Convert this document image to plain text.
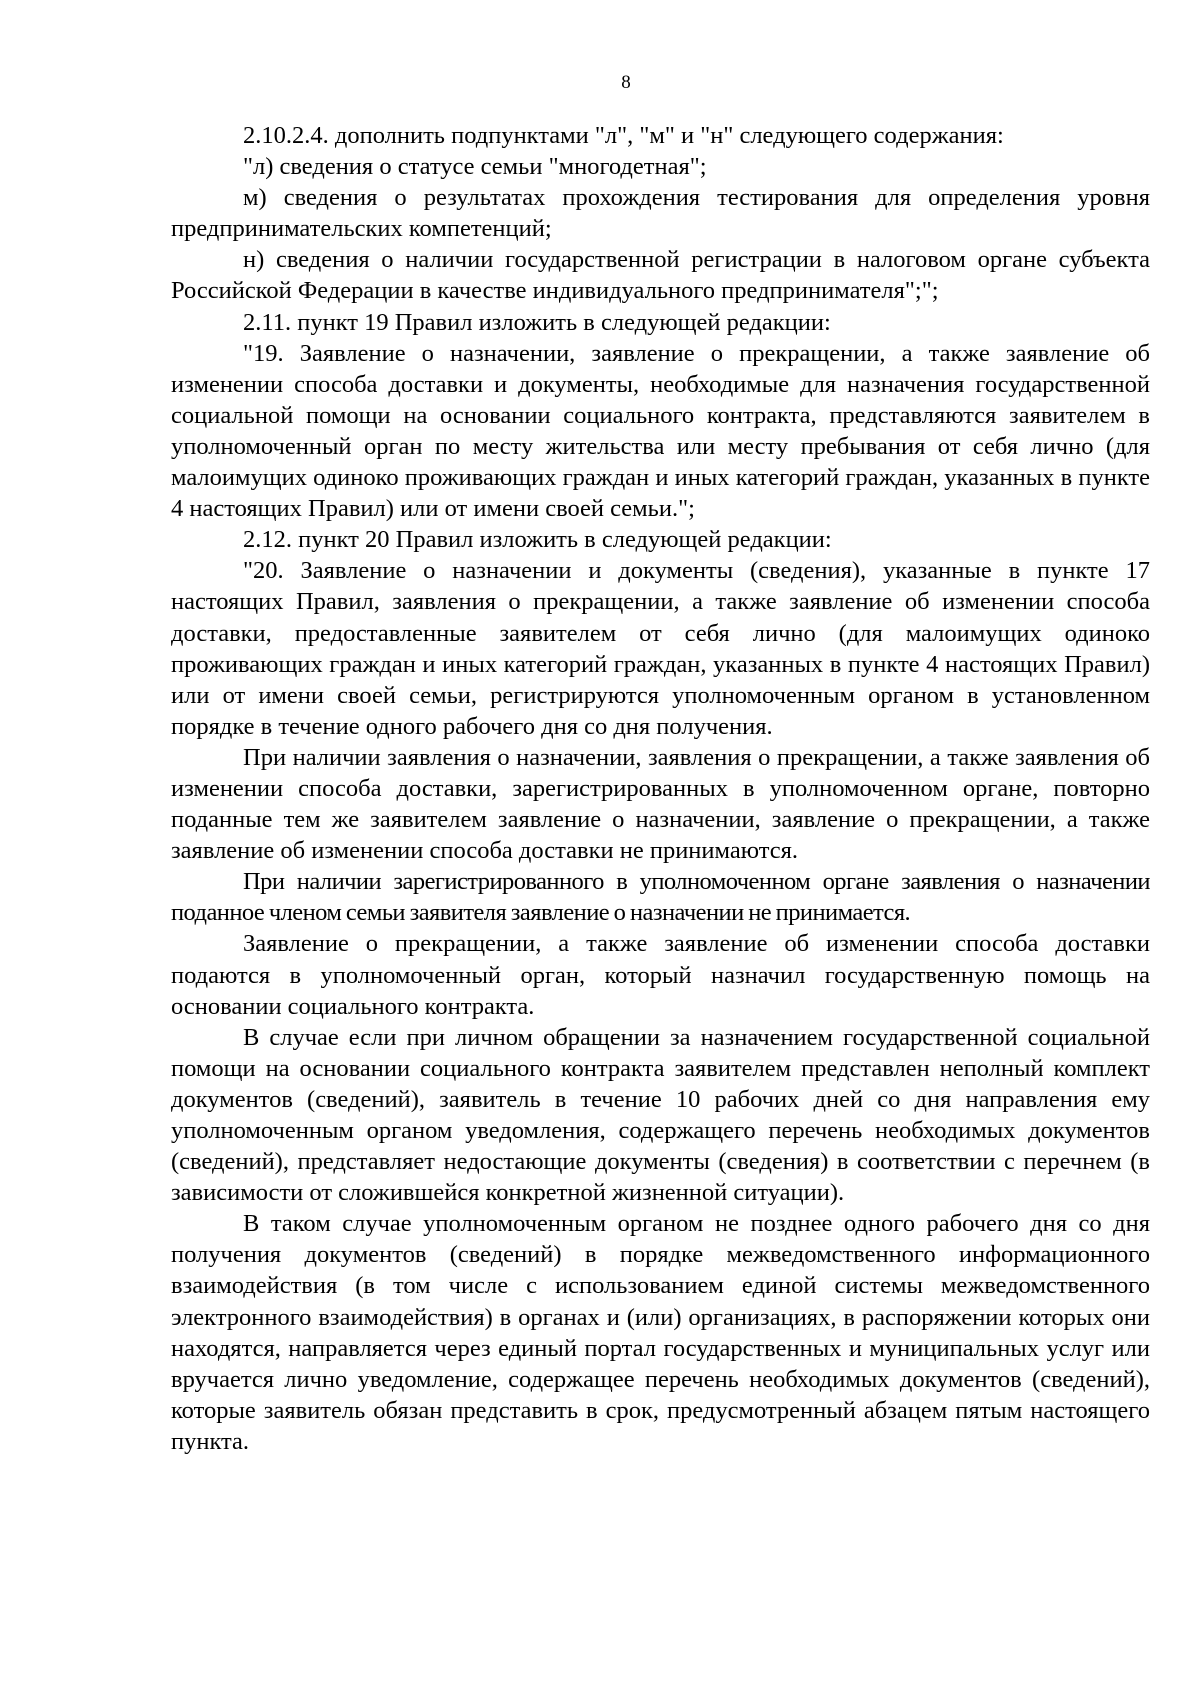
8

2.10.2.4. дополнить подпунктами "л", "м" и "н" следующего содержания:

"л) сведения о статусе семьи "многодетная";

м) сведения о результатах прохождения тестирования для определения уровня предпринимательских компетенций;

н) сведения о наличии государственной регистрации в налоговом органе субъекта Российской Федерации в качестве индивидуального предпринимателя";";

2.11. пункт 19 Правил изложить в следующей редакции:

"19. Заявление о назначении, заявление о прекращении, а также заявление об изменении способа доставки и документы, необходимые для назначения государственной социальной помощи на основании социального контракта, представляются заявителем в уполномоченный орган по месту жительства или месту пребывания от себя лично (для малоимущих одиноко проживающих граждан и иных категорий граждан, указанных в пункте 4 настоящих Правил) или от имени своей семьи.";

2.12. пункт 20 Правил изложить в следующей редакции:

"20. Заявление о назначении и документы (сведения), указанные в пункте 17 настоящих Правил, заявления о прекращении, а также заявление об изменении способа доставки, предоставленные заявителем от себя лично (для малоимущих одиноко проживающих граждан и иных категорий граждан, указанных в пункте 4 настоящих Правил) или от имени своей семьи, регистрируются уполномоченным органом в установленном порядке в течение одного рабочего дня со дня получения.

При наличии заявления о назначении, заявления о прекращении, а также заявления об изменении способа доставки, зарегистрированных в уполномоченном органе, повторно поданные тем же заявителем заявление о назначении, заявление о прекращении, а также заявление об изменении способа доставки не принимаются.

При наличии зарегистрированного в уполномоченном органе заявления о назначении поданное членом семьи заявителя заявление о назначении не принимается.

Заявление о прекращении, а также заявление об изменении способа доставки подаются в уполномоченный орган, который назначил государственную помощь на основании социального контракта.

В случае если при личном обращении за назначением государственной социальной помощи на основании социального контракта заявителем представлен неполный комплект документов (сведений), заявитель в течение 10 рабочих дней со дня направления ему уполномоченным органом уведомления, содержащего перечень необходимых документов (сведений), представляет недостающие документы (сведения) в соответствии с перечнем (в зависимости от сложившейся конкретной жизненной ситуации).

В таком случае уполномоченным органом не позднее одного рабочего дня со дня получения документов (сведений) в порядке межведомственного информационного взаимодействия (в том числе с использованием единой системы межведомственного электронного взаимодействия) в органах и (или) организациях, в распоряжении которых они находятся, направляется через единый портал государственных и муниципальных услуг или вручается лично уведомление, содержащее перечень необходимых документов (сведений), которые заявитель обязан представить в срок, предусмотренный абзацем пятым настоящего пункта.
